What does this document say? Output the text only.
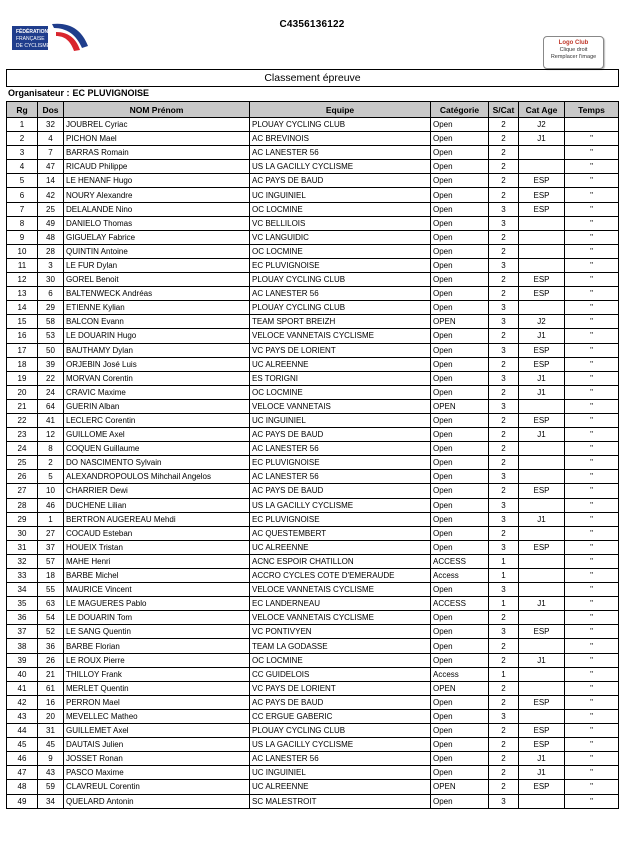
C4356136122
FÉDÉRATION
FRANÇAISE
DE CYCLISME	Logo Club
Clique droit
Remplacer l'image
Classement épreuve
Organisateur : EC PLUVIGNOISE
Rg	Dos	NOM Prénom	Equipe	Catégorie	S/Cat	Cat Age	Temps
1	32	JOUBREL Cyriac	PLOUAY CYCLING CLUB	Open	2	J2	
2	4	PICHON Mael	AC BREVINOIS	Open	2	J1	"
3	7	BARRAS Romain	AC LANESTER 56	Open	2		"
4	47	RICAUD Philippe	US LA GACILLY CYCLISME	Open	2		"
5	14	LE HENANF Hugo	AC PAYS DE BAUD	Open	2	ESP	"
6	42	NOURY Alexandre	UC INGUINIEL	Open	2	ESP	"
7	25	DELALANDE Nino	OC LOCMINE	Open	3	ESP	"
8	49	DANIELO Thomas	VC BELLILOIS	Open	3		"
9	48	GIGUELAY Fabrice	VC LANGUIDIC	Open	2		"
10	28	QUINTIN Antoine	OC LOCMINE	Open	2		"
11	3	LE FUR Dylan	EC PLUVIGNOISE	Open	3		"
12	30	GOREL Benoit	PLOUAY CYCLING CLUB	Open	2	ESP	"
13	6	BALTENWECK Andréas	AC LANESTER 56	Open	2	ESP	"
14	29	ETIENNE Kylian	PLOUAY CYCLING CLUB	Open	3		"
15	58	BALCON Evann	TEAM SPORT BREIZH	OPEN	3	J2	"
16	53	LE DOUARIN Hugo	VELOCE VANNETAIS CYCLISME	Open	2	J1	"
17	50	BAUTHAMY Dylan	VC PAYS DE LORIENT	Open	3	ESP	"
18	39	ORJEBIN José Luis	UC ALREENNE	Open	2	ESP	"
19	22	MORVAN Corentin	ES TORIGNI	Open	3	J1	"
20	24	CRAVIC Maxime	OC LOCMINE	Open	2	J1	"
21	64	GUERIN Alban	VELOCE VANNETAIS	OPEN	3		"
22	41	LECLERC Corentin	UC INGUINIEL	Open	2	ESP	"
23	12	GUILLOME Axel	AC PAYS DE BAUD	Open	2	J1	"
24	8	COQUEN Guillaume	AC LANESTER 56	Open	2		"
25	2	DO NASCIMENTO Sylvain	EC PLUVIGNOISE	Open	2		"
26	5	ALEXANDROPOULOS Mihchail Angelos	AC LANESTER 56	Open	3		"
27	10	CHARRIER Dewi	AC PAYS DE BAUD	Open	2	ESP	"
28	46	DUCHENE Lilian	US LA GACILLY CYCLISME	Open	3		"
29	1	BERTRON AUGEREAU Mehdi	EC PLUVIGNOISE	Open	3	J1	"
30	27	COCAUD Esteban	AC QUESTEMBERT	Open	2		"
31	37	HOUEIX Tristan	UC ALREENNE	Open	3	ESP	"
32	57	MAHE Henri	ACNC ESPOIR CHATILLON	ACCESS	1		"
33	18	BARBE Michel	ACCRO CYCLES COTE D'EMERAUDE	Access	1		"
34	55	MAURICE Vincent	VELOCE VANNETAIS CYCLISME	Open	3		"
35	63	LE MAGUERES Pablo	EC LANDERNEAU	ACCESS	1	J1	"
36	54	LE DOUARIN Tom	VELOCE VANNETAIS CYCLISME	Open	2		"
37	52	LE SANG Quentin	VC PONTIVYEN	Open	3	ESP	"
38	36	BARBE Florian	TEAM LA GODASSE	Open	2		"
39	26	LE ROUX Pierre	OC LOCMINE	Open	2	J1	"
40	21	THILLOY Frank	CC GUIDELOIS	Access	1		"
41	61	MERLET Quentin	VC PAYS DE LORIENT	OPEN	2		"
42	16	PERRON Mael	AC PAYS DE BAUD	Open	2	ESP	"
43	20	MEVELLEC Matheo	CC ERGUE GABERIC	Open	3		"
44	31	GUILLEMET Axel	PLOUAY CYCLING CLUB	Open	2	ESP	"
45	45	DAUTAIS Julien	US LA GACILLY CYCLISME	Open	2	ESP	"
46	9	JOSSET Ronan	AC LANESTER 56	Open	2	J1	"
47	43	PASCO Maxime	UC INGUINIEL	Open	2	J1	"
48	59	CLAVREUL Corentin	UC ALREENNE	OPEN	2	ESP	"
49	34	QUELARD Antonin	SC MALESTROIT	Open	3		"
